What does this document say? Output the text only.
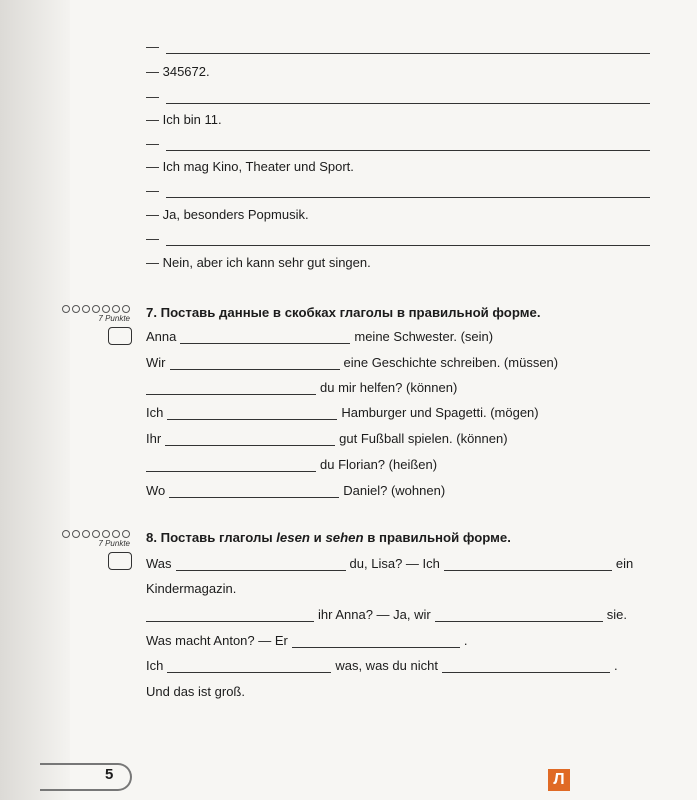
—
— 345672.
—
— Ich bin 11.
—
— Ich mag Kino, Theater und Sport.
—
— Ja, besonders Popmusik.
—
— Nein, aber ich kann sehr gut singen.
7 Punkte 7. Поставь данные в скобках глаголы в правильной форме.
Anna	meine Schwester. (sein)
Wir	eine Geschichte schreiben. (müssen)
du mir helfen? (können)
Ich	Hamburger und Spagetti. (mögen)
Ihr	gut Fußball spielen. (können)
du Florian? (heißen)
Wo	Daniel? (wohnen)
7 Punkte 8. Поставь глаголы lesen и sehen в правильной форме.
Was	du, Lisa? — Ich	ein
Kindermagazin.
ihr Anna? — Ja, wir	sie.
Was macht Anton? — Er	.
Ich	was, was du nicht	.
Und das ist groß.
5	Л
